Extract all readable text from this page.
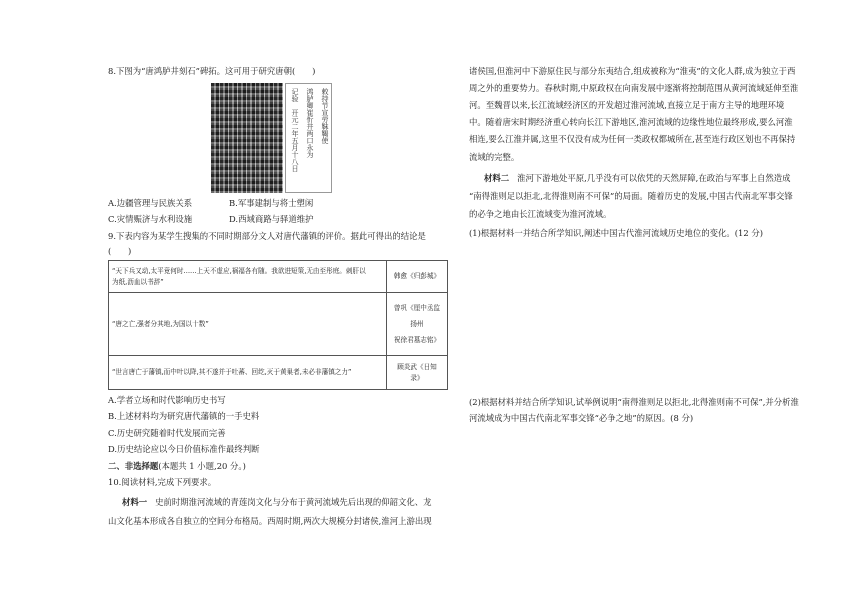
8.下图为“唐鸿胪井刻石”碑拓。这可用于研究唐朝(　　)
敕持节宣劳靺鞨使
鸿胪卿崔忻井两口永为
记验　开元二年五月十八日
A.边疆管理与民族关系	B.军事建制与将士塑闲
C.灾情赈济与水利设施	D.西域商路与驿道维护
9.下表内容为某学生搜集的不同时期部分文人对唐代藩镇的评价。据此可得出的结论是
(　　)
“天下兵又动,太平竟何时……上天不虚应,祸福各有随。我欲进短策,无由至彤庭。刺肝以
为纸,沥血以书辞”	韩愈《归彭城》

“唐之亡,强者分其地,为国以十数”	曾巩《厘中丞监
扬州
祝徐君墓志铭》

“世言唐亡于藩镇,而中叶以降,其不遂并于吐蕃、回纥,灭于黄巢者,未必非藩镇之力”	顾炎武《日知
录》
A.学者立场和时代影响历史书写
B.上述材料均为研究唐代藩镇的一手史料
C.历史研究随着时代发展而完善
D.历史结论应以今日价值标准作最终判断
二、非选择题(本题共 1 小题,20 分。)
10.阅读材料,完成下列要求。
材料一 史前时期淮河流域的青莲岗文化与分布于黄河流域先后出现的仰韶文化、龙
山文化基本形成各自独立的空间分布格局。西周时期,两次大规模分封诸侯,淮河上游出现
诸侯国,但淮河中下游原住民与部分东夷结合,组成被称为“淮夷”的文化人群,成为独立于西
周之外的重要势力。春秋时期,中原政权在向南发展中逐渐将控制范围从黄河流域延伸至淮
河。至魏晋以来,长江流域经济区的开发超过淮河流域,直接立足于南方主导的地理环境
中。随着唐宋时期经济重心转向长江下游地区,淮河流域的边缘性地位最终形成,要么河淮
相连,要么江淮并属,这里不仅没有成为任何一类政权都城所在,甚至连行政区划也不再保持
流域的完整。
材料二 淮河下游地处平原,几乎没有可以依凭的天然屏障,在政治与军事上自然造成
“南得淮则足以拒北,北得淮则南不可保”的局面。随着历史的发展,中国古代南北军事交锋
的必争之地由长江流域变为淮河流域。
(1)根据材料一并结合所学知识,阐述中国古代淮河流域历史地位的变化。(12 分)
(2)根据材料并结合所学知识,试举例说明“南得淮则足以拒北,北得淮则南不可保”,并分析淮
河流域成为中国古代南北军事交锋“必争之地”的原因。(8 分)
